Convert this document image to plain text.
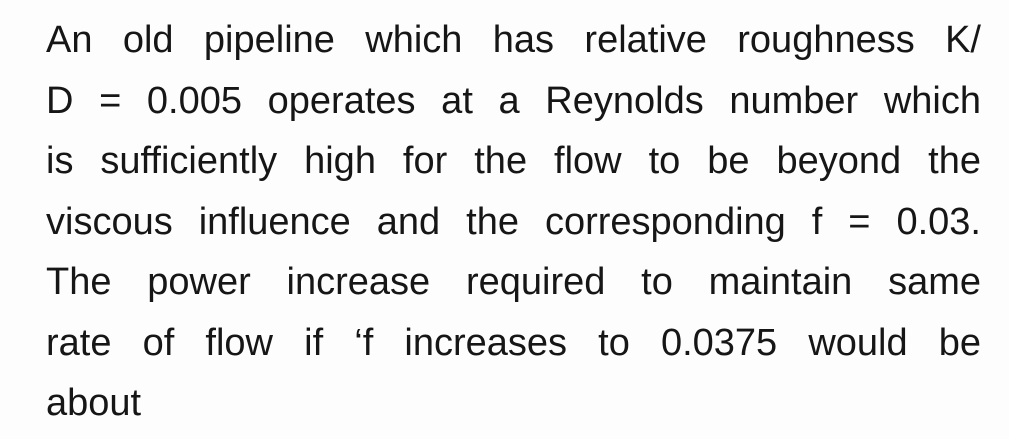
An old pipeline which has relative roughness K/
D = 0.005 operates at a Reynolds number which
is sufficiently high for the flow to be beyond the
viscous influence and the corresponding f = 0.03.
The power increase required to maintain same
rate of flow if ‘f increases to 0.0375 would be
about
